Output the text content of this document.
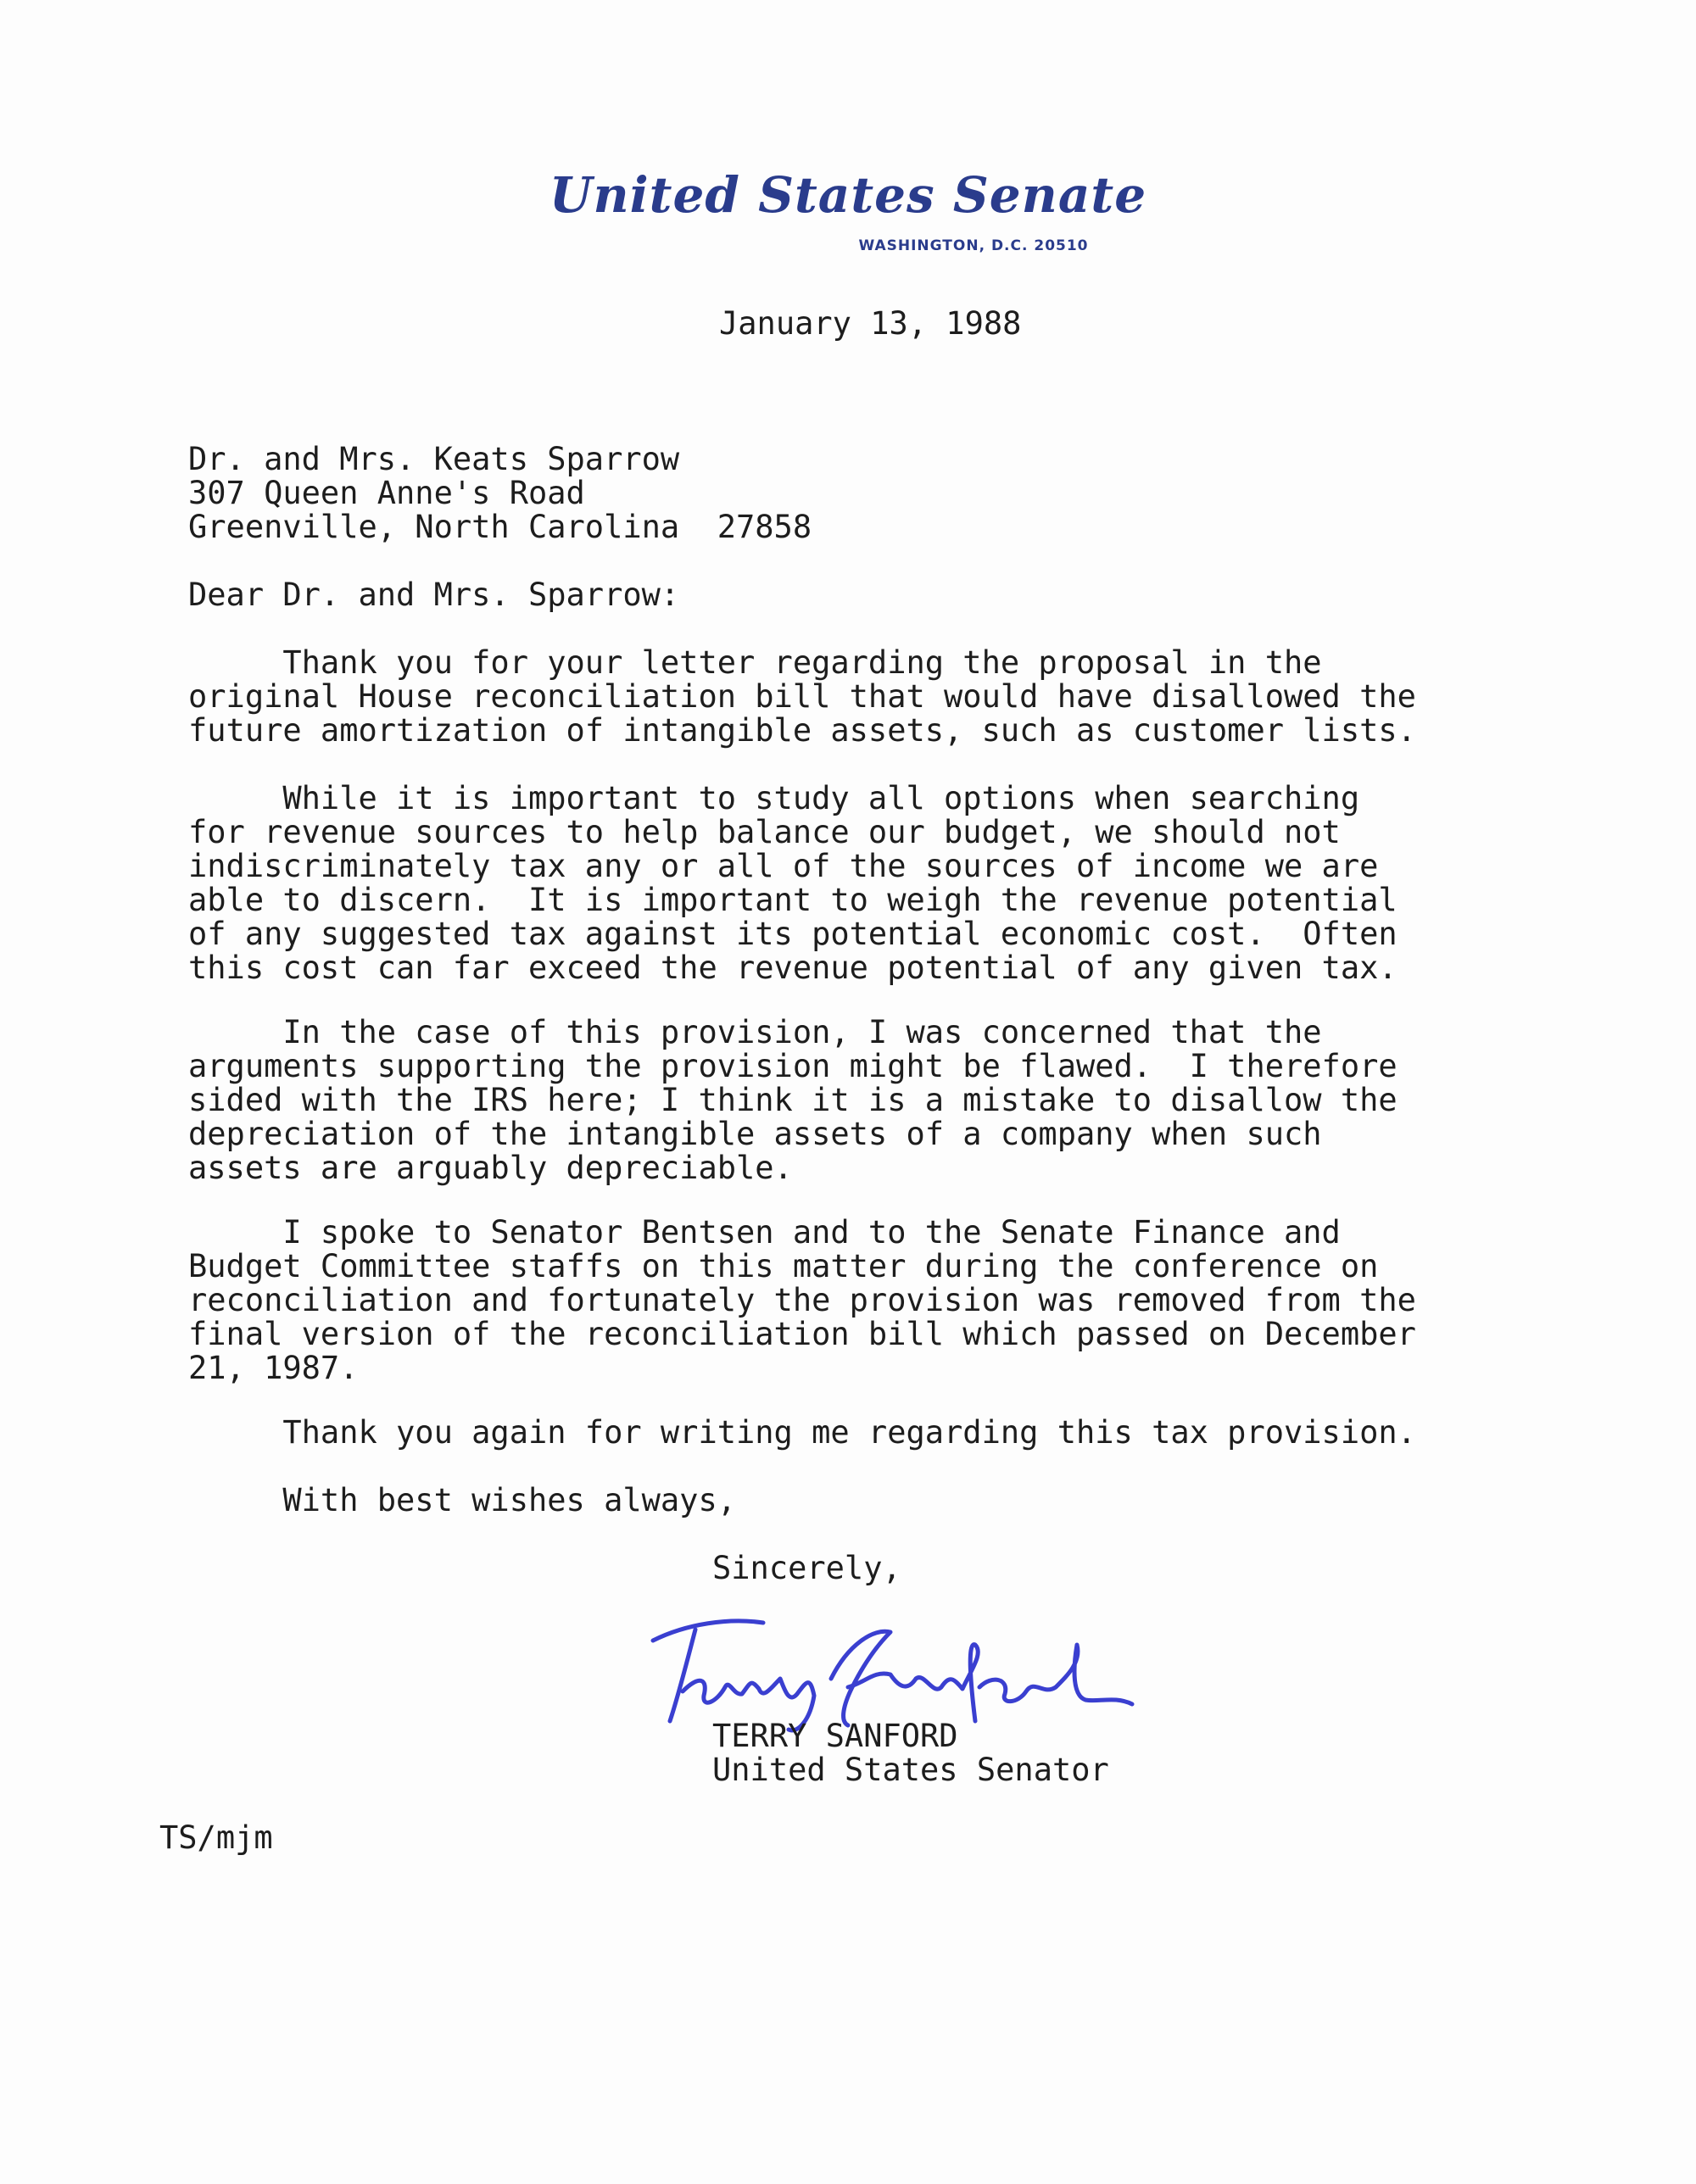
United States Senate
WASHINGTON, D.C. 20510
January 13, 1988
Dr. and Mrs. Keats Sparrow
307 Queen Anne's Road
Greenville, North Carolina  27858
Dear Dr. and Mrs. Sparrow:
Thank you for your letter regarding the proposal in the
original House reconciliation bill that would have disallowed the
future amortization of intangible assets, such as customer lists.
While it is important to study all options when searching
for revenue sources to help balance our budget, we should not
indiscriminately tax any or all of the sources of income we are
able to discern.  It is important to weigh the revenue potential
of any suggested tax against its potential economic cost.  Often
this cost can far exceed the revenue potential of any given tax.
In the case of this provision, I was concerned that the
arguments supporting the provision might be flawed.  I therefore
sided with the IRS here; I think it is a mistake to disallow the
depreciation of the intangible assets of a company when such
assets are arguably depreciable.
I spoke to Senator Bentsen and to the Senate Finance and
Budget Committee staffs on this matter during the conference on
reconciliation and fortunately the provision was removed from the
final version of the reconciliation bill which passed on December
21, 1987.
Thank you again for writing me regarding this tax provision.
With best wishes always,
Sincerely,
TERRY SANFORD
United States Senator
TS/mjm
